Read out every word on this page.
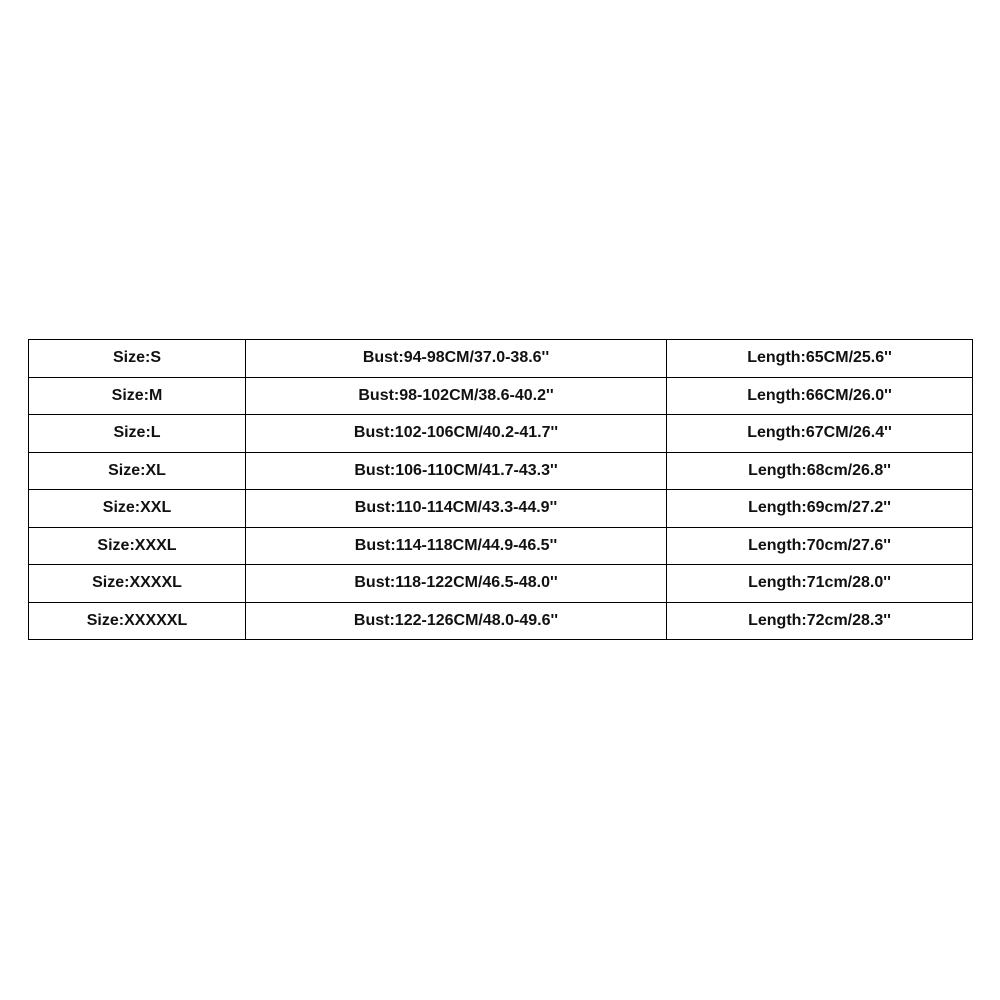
Size:S	Bust:94-98CM/37.0-38.6''	Length:65CM/25.6''
Size:M	Bust:98-102CM/38.6-40.2''	Length:66CM/26.0''
Size:L	Bust:102-106CM/40.2-41.7''	Length:67CM/26.4''
Size:XL	Bust:106-110CM/41.7-43.3''	Length:68cm/26.8''
Size:XXL	Bust:110-114CM/43.3-44.9''	Length:69cm/27.2''
Size:XXXL	Bust:114-118CM/44.9-46.5''	Length:70cm/27.6''
Size:XXXXL	Bust:118-122CM/46.5-48.0''	Length:71cm/28.0''
Size:XXXXXL	Bust:122-126CM/48.0-49.6''	Length:72cm/28.3''
